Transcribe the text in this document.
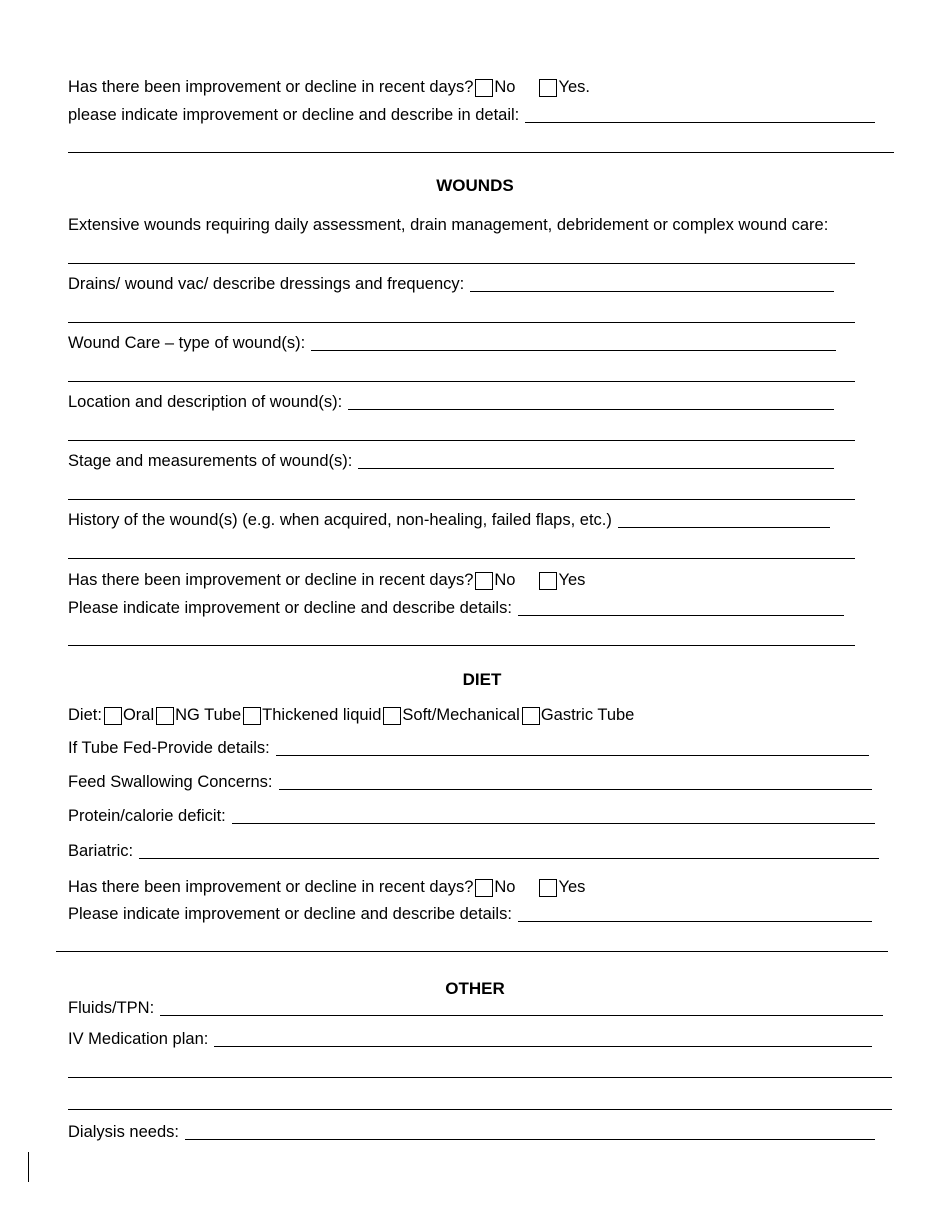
Has there been improvement or decline in recent days? No	Yes.
please indicate improvement or decline and describe in detail:
WOUNDS
Extensive wounds requiring daily assessment, drain management, debridement or complex wound care:
Drains/ wound vac/ describe dressings and frequency:
Wound Care – type of wound(s):
Location and description of wound(s):
Stage and measurements of wound(s):
History of the wound(s) (e.g. when acquired, non-healing, failed flaps, etc.)
Has there been improvement or decline in recent days? No	Yes
Please indicate improvement or decline and describe details:
DIET
Diet: Oral NG Tube Thickened liquid Soft/Mechanical Gastric Tube
If Tube Fed-Provide details:
Feed Swallowing Concerns:
Protein/calorie deficit:
Bariatric:
Has there been improvement or decline in recent days? No	Yes
Please indicate improvement or decline and describe details:
OTHER
Fluids/TPN:
IV Medication plan:
Dialysis needs:
